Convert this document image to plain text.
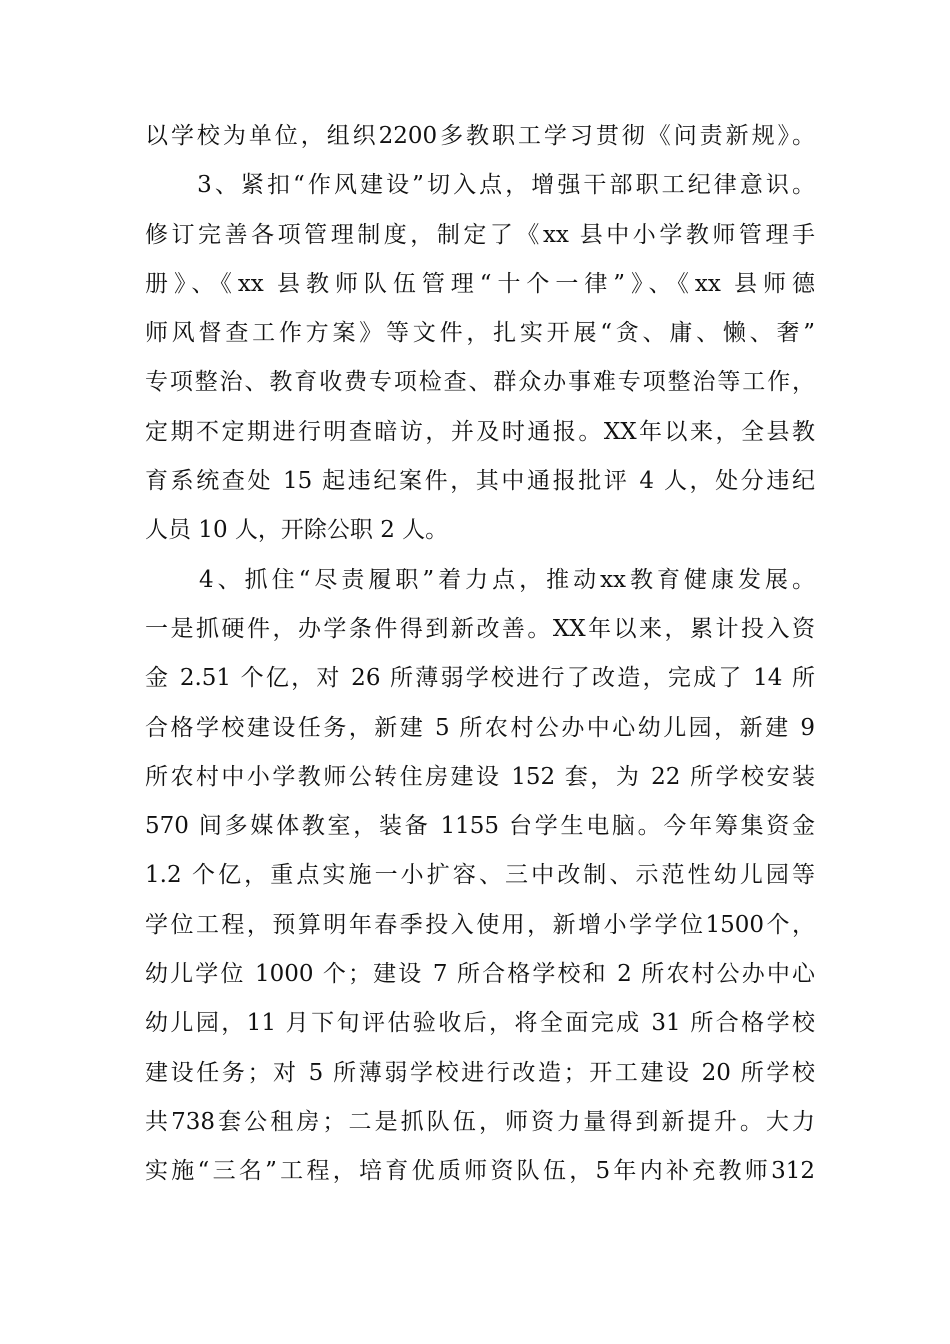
以学校为单位，组织2200多教职工学习贯彻《问责新规》。
　　3、紧扣“作风建设”切入点，增强干部职工纪律意识。
修订完善各项管理制度，制定了《xx 县中小学教师管理手
册》、《xx 县教师队伍管理“十个一律”》、《xx 县师德
师风督查工作方案》等文件，扎实开展“贪、庸、懒、奢”
专项整治、教育收费专项检查、群众办事难专项整治等工作，
定期不定期进行明查暗访，并及时通报。XX年以来，全县教
育系统查处 15 起违纪案件，其中通报批评 4 人，处分违纪
人员 10 人，开除公职 2 人。
　　4、抓住“尽责履职”着力点，推动xx教育健康发展。
一是抓硬件，办学条件得到新改善。XX年以来，累计投入资
金 2.51 个亿，对 26 所薄弱学校进行了改造，完成了 14 所
合格学校建设任务，新建 5 所农村公办中心幼儿园，新建 9
所农村中小学教师公转住房建设 152 套，为 22 所学校安装
570 间多媒体教室，装备 1155 台学生电脑。今年筹集资金
1.2 个亿，重点实施一小扩容、三中改制、示范性幼儿园等
学位工程，预算明年春季投入使用，新增小学学位1500个，
幼儿学位 1000 个；建设 7 所合格学校和 2 所农村公办中心
幼儿园，11 月下旬评估验收后，将全面完成 31 所合格学校
建设任务；对 5 所薄弱学校进行改造；开工建设 20 所学校
共738套公租房；二是抓队伍，师资力量得到新提升。大力
实施“三名”工程，培育优质师资队伍，5年内补充教师312
